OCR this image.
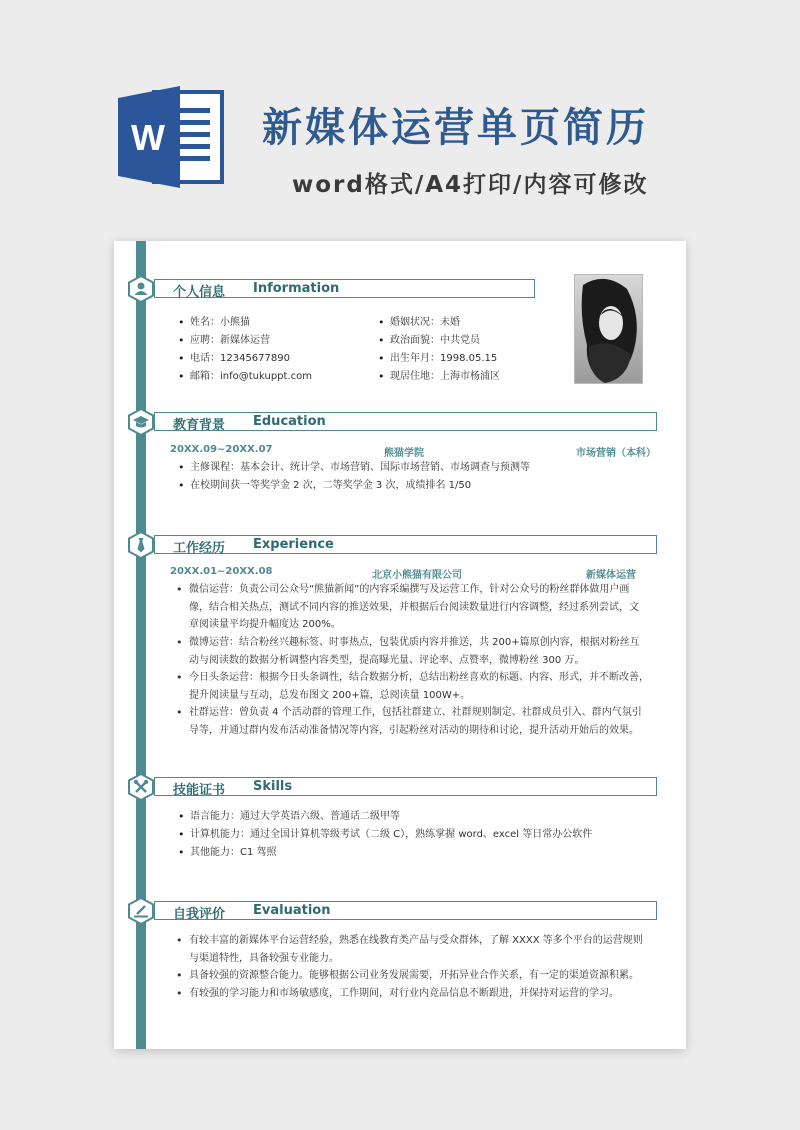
W 新媒体运营单页简历
word格式/A4打印/内容可修改
个人信息 Information
• 姓名：小熊猫
• 应聘：新媒体运营
• 电话：12345677890
• 邮箱：info@tukuppt.com
• 婚姻状况：未婚
• 政治面貌：中共党员
• 出生年月：1998.05.15
• 现居住地：上海市杨浦区
教育背景 Education
20XX.09~20XX.07	熊猫学院	市场营销（本科）
• 主修课程：基本会计、统计学、市场营销、国际市场营销、市场调查与预测等
• 在校期间获一等奖学金 2 次，二等奖学金 3 次，成绩排名 1/50
工作经历 Experience
20XX.01~20XX.08	北京小熊猫有限公司	新媒体运营
• 微信运营：负责公司公众号“熊猫新闻”的内容采编撰写及运营工作，针对公众号的粉丝群体做用户画
像，结合相关热点，测试不同内容的推送效果，并根据后台阅读数量进行内容调整，经过系列尝试，文
章阅读量平均提升幅度达 200%。
• 微博运营：结合粉丝兴趣标签、时事热点，包装优质内容并推送，共 200+篇原创内容，根据对粉丝互
动与阅读数的数据分析调整内容类型，提高曝光量、评论率、点赞率，微博粉丝 300 万。
• 今日头条运营：根据今日头条调性，结合数据分析，总结出粉丝喜欢的标题、内容、形式，并不断改善，
提升阅读量与互动，总发布图文 200+篇，总阅读量 100W+。
• 社群运营：曾负责 4 个活动群的管理工作，包括社群建立、社群规则制定、社群成员引入、群内气氛引
导等，并通过群内发布活动准备情况等内容，引起粉丝对活动的期待和讨论，提升活动开始后的效果。
技能证书 Skills
• 语言能力：通过大学英语六级、普通话二级甲等
• 计算机能力：通过全国计算机等级考试（二级 C），熟练掌握 word、excel 等日常办公软件
• 其他能力：C1 驾照
自我评价 Evaluation
• 有较丰富的新媒体平台运营经验，熟悉在线教育类产品与受众群体，了解 XXXX 等多个平台的运营规则
与渠道特性，具备较强专业能力。
• 具备较强的资源整合能力。能够根据公司业务发展需要，开拓异业合作关系，有一定的渠道资源积累。
• 有较强的学习能力和市场敏感度，工作期间，对行业内竞品信息不断跟进，并保持对运营的学习。
